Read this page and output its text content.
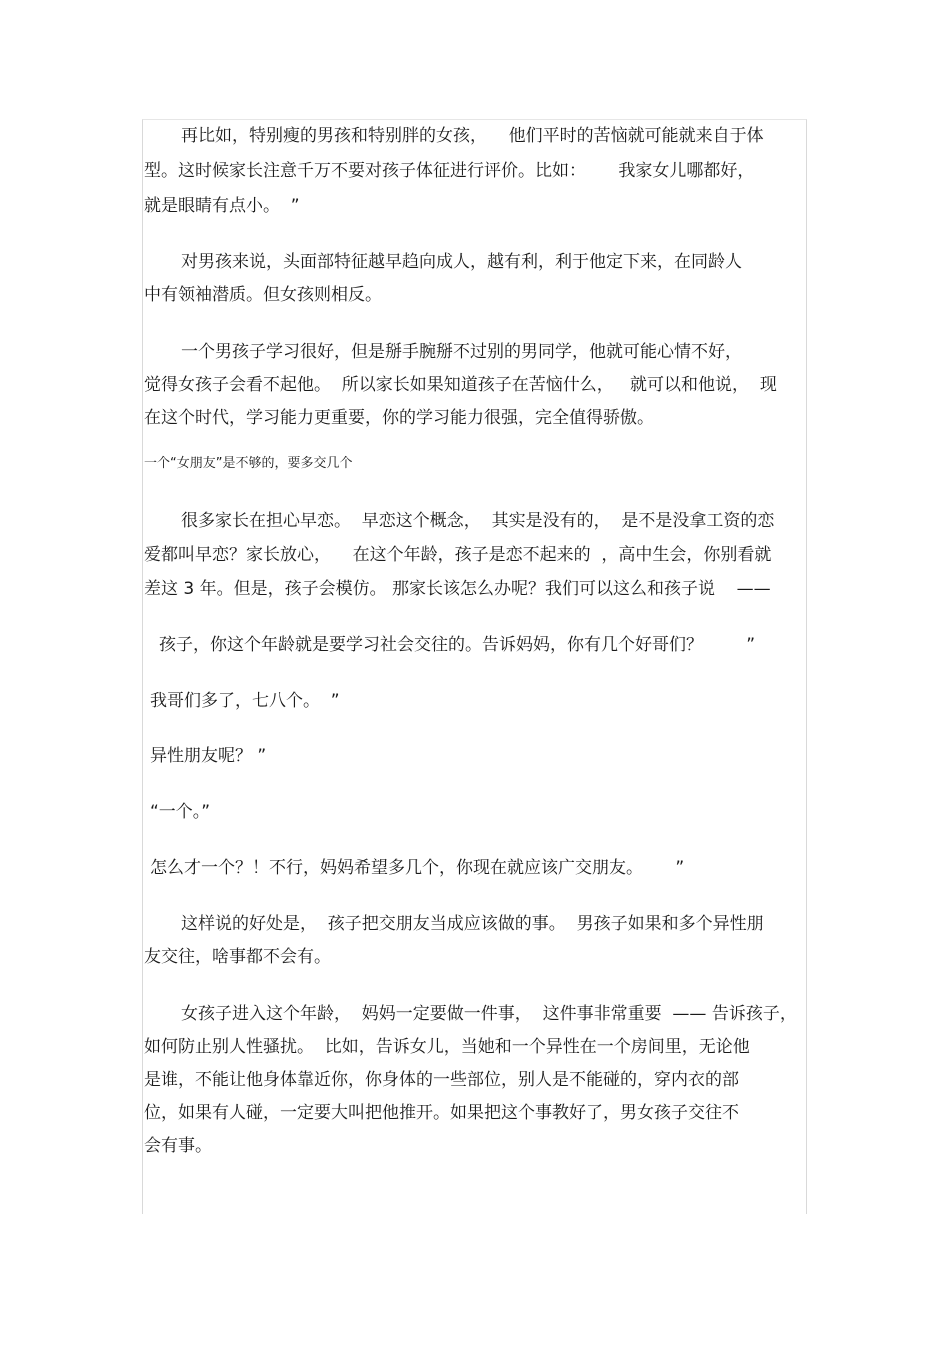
再比如，特别瘦的男孩和特别胖的女孩，    他们平时的苦恼就可能就来自于体

型。这时候家长注意千万不要对孩子体征进行评价。比如：      我家女儿哪都好，

就是眼睛有点小。  ”

对男孩来说，头面部特征越早趋向成人，越有利，利于他定下来，在同龄人

中有领袖潜质。但女孩则相反。

一个男孩子学习很好，但是掰手腕掰不过别的男同学，他就可能心情不好，

觉得女孩子会看不起他。  所以家长如果知道孩子在苦恼什么，   就可以和他说，  现

在这个时代，学习能力更重要，你的学习能力很强，完全值得骄傲。

一个“女朋友”是不够的，要多交几个

很多家长在担心早恋。  早恋这个概念，  其实是没有的，  是不是没拿工资的恋

爱都叫早恋？家长放心，    在这个年龄，孩子是恋不起来的  ，高中生会，你别看就

差这 3 年。但是，孩子会模仿。 那家长该怎么办呢？我们可以这么和孩子说    ——

孩子，你这个年龄就是要学习社会交往的。告诉妈妈，你有几个好哥们？        ”

我哥们多了，七八个。  ”

异性朋友呢？ ”

“一个。”

怎么才一个？！不行，妈妈希望多几个，你现在就应该广交朋友。      ”

这样说的好处是，  孩子把交朋友当成应该做的事。  男孩子如果和多个异性朋

友交往，啥事都不会有。

女孩子进入这个年龄，  妈妈一定要做一件事，  这件事非常重要  —— 告诉孩子，

如何防止别人性骚扰。  比如，告诉女儿，当她和一个异性在一个房间里，无论他

是谁，不能让他身体靠近你，你身体的一些部位，别人是不能碰的，穿内衣的部

位，如果有人碰，一定要大叫把他推开。如果把这个事教好了，男女孩子交往不

会有事。
